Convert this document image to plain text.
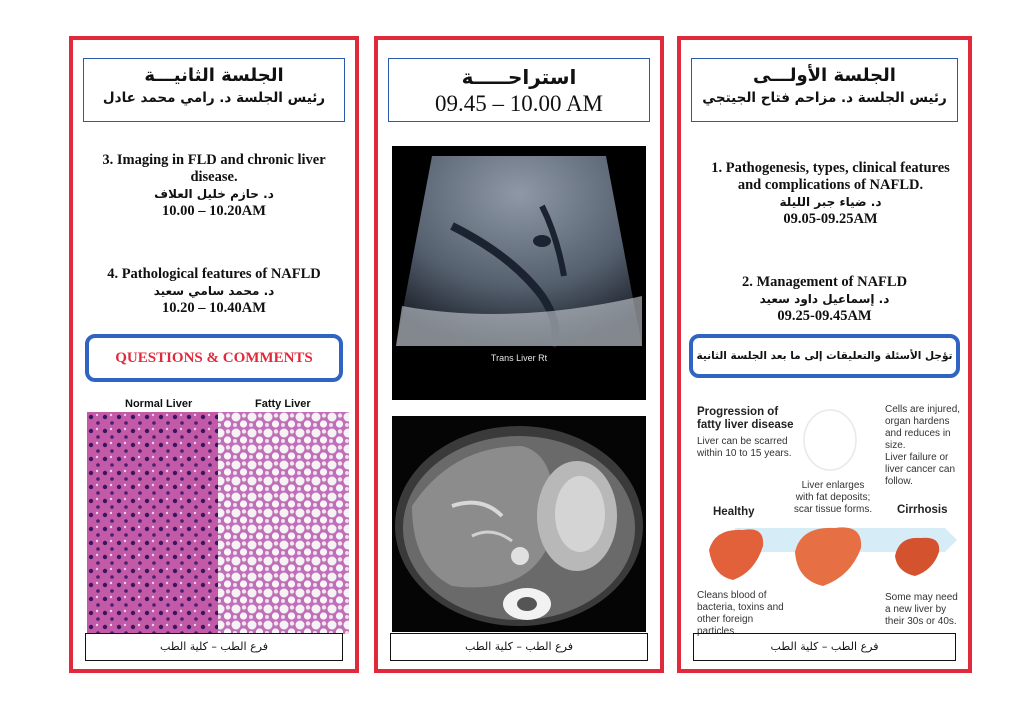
الجلسة الثانيـــة
رئيس الجلسة د. رامي محمد عادل
3. Imaging in FLD and chronic liver disease.
د. حازم خليل العلاف
10.00 – 10.20AM
4. Pathological features of NAFLD
د. محمد سامي سعيد
10.20 – 10.40AM
QUESTIONS & COMMENTS
Normal Liver	Fatty Liver
فرع الطب – كلية الطب
استراحـــــة
09.45 – 10.00 AM
Trans Liver Rt
فرع الطب – كلية الطب
الجلسة الأولـــى
رئيس الجلسة د. مزاحم فتاح الجيتجي
1. Pathogenesis, types, clinical features and complications of NAFLD.
د. ضياء جبر الليلة
09.05-09.25AM
2. Management of NAFLD
د. إسماعيل داود سعيد
09.25-09.45AM
تؤجل الأسئلة والتعليقات إلى ما بعد الجلسة الثانية
Progression of fatty liver disease
Liver can be scarred within 10 to 15 years.
Cells are injured, organ hardens and reduces in size.
Liver failure or liver cancer can follow.
Healthy
Liver enlarges with fat deposits; scar tissue forms. Cirrhosis
Cleans blood of bacteria, toxins and other foreign particles.
Some may need a new liver by their 30s or 40s.
فرع الطب – كلية الطب
